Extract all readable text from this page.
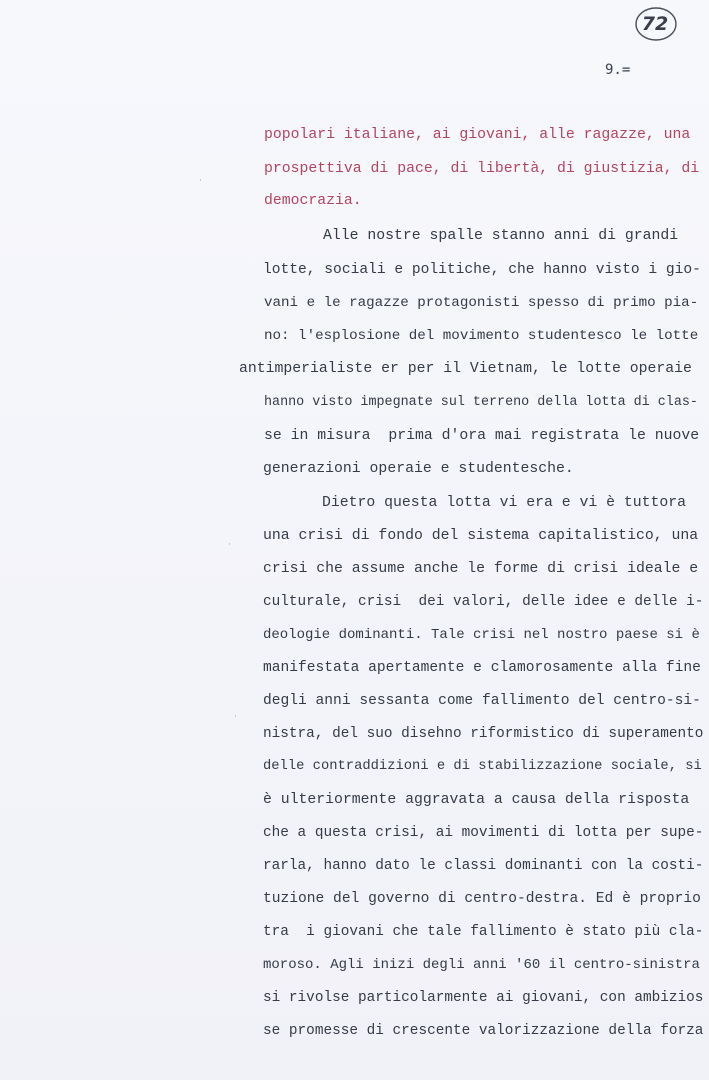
72
9.=

popolari italiane, ai giovani, alle ragazze, una

prospettiva di pace, di libertà, di giustizia, di

democrazia.

Alle nostre spalle stanno anni di grandi

lotte, sociali e politiche, che hanno visto i gio-

vani e le ragazze protagonisti spesso di primo pia-

no: l'esplosione del movimento studentesco le lotte

antimperialiste er per il Vietnam, le lotte operaie

hanno visto impegnate sul terreno della lotta di clas-

se in misura  prima d'ora mai registrata le nuove

generazioni operaie e studentesche.

Dietro questa lotta vi era e vi è tuttora

una crisi di fondo del sistema capitalistico, una

crisi che assume anche le forme di crisi ideale e

culturale, crisi  dei valori, delle idee e delle i-

deologie dominanti. Tale crisi nel nostro paese si è

manifestata apertamente e clamorosamente alla fine

degli anni sessanta come fallimento del centro-si-

nistra, del suo disehno riformistico di superamento

delle contraddizioni e di stabilizzazione sociale, si

è ulteriormente aggravata a causa della risposta

che a questa crisi, ai movimenti di lotta per supe-

rarla, hanno dato le classi dominanti con la costi-

tuzione del governo di centro-destra. Ed è proprio

tra  i giovani che tale fallimento è stato più cla-

moroso. Agli inizi degli anni '60 il centro-sinistra

si rivolse particolarmente ai giovani, con ambizios

se promesse di crescente valorizzazione della forza

·
·
·
